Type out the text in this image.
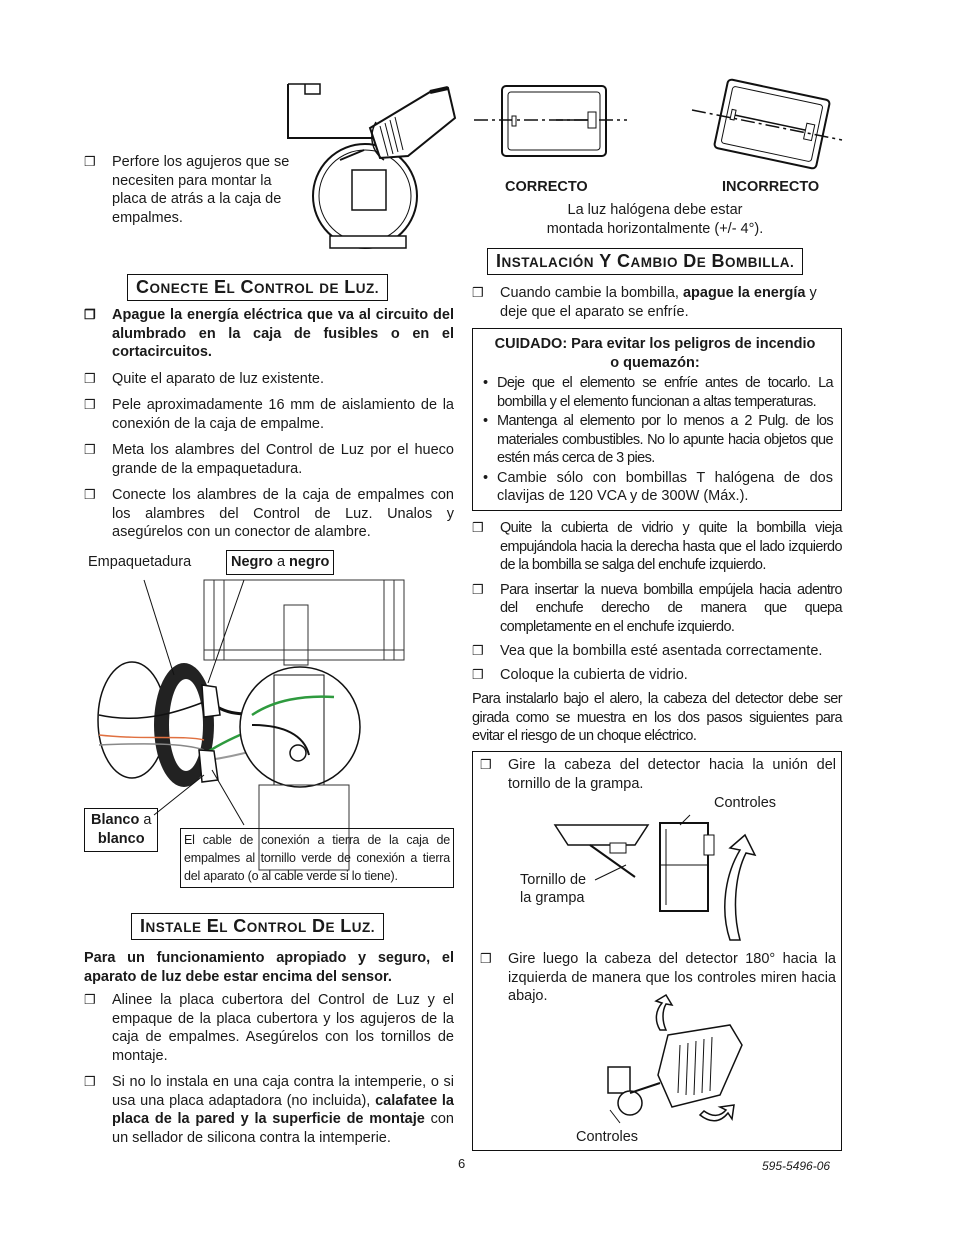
❒	Perfore los agujeros que se necesiten para montar la placa de atrás a la caja de empalmes.
CONECTE EL CONTROL DE LUZ.
❒	Apague la energía eléctrica que va al circuito del alumbrado en la caja de fusibles o en el cortacircuitos.
❒	Quite el aparato de luz existente.
❒	Pele aproximadamente 16 mm de aislamiento de la conexión de la caja de empalme.
❒	Meta los alambres del Control de Luz por el hueco grande de la empaquetadura.
❒	Conecte los alambres de la caja de empalmes con los alambres del Control de Luz. Unalos y asegúrelos con un conector de alambre.
Empaquetadura	Negro a negro
Blanco a
blanco	El cable de conexión a tierra de la caja de empalmes al tornillo verde de conexión a tierra del aparato (o al cable verde si lo tiene).
INSTALE EL CONTROL DE LUZ.
Para un funcionamiento apropiado y seguro, el aparato de luz debe estar encima del sensor.
❒	Alinee la placa cubertora del Control de Luz y el empaque de la placa cubertora y los agujeros de la caja de empalmes. Asegúrelos con los tornillos de montaje.
❒	Si no lo instala en una caja contra la intemperie, o si usa una placa adaptadora (no incluida), calafatee la placa de la pared y la superficie de montaje con un sellador de silicona contra la intemperie.
CORRECTO	INCORRECTO
La luz halógena debe estar
montada horizontalmente (+/- 4°).
INSTALACIÓN Y CAMBIO DE BOMBILLA.
❒	Cuando cambie la bombilla, apague la energía y deje que el aparato se enfríe.
CUIDADO: Para evitar los peligros de incendio
o quemazón:
• Deje que el elemento se enfríe antes de tocarlo. La bombilla y el elemento funcionan a altas temperaturas.
• Mantenga al elemento por lo menos a 2 Pulg. de los materiales combustibles. No lo apunte hacia objetos que estén más cerca de 3 pies.
• Cambie sólo con bombillas T halógena de dos clavijas de 120 VCA y de 300W (Máx.).
❒	Quite la cubierta de vidrio y quite la bombilla vieja empujándola hacia la derecha hasta que el lado izquierdo de la bombilla se salga del enchufe izquierdo.
❒	Para insertar la nueva bombilla empújela hacia adentro del enchufe derecho de manera que quepa completamente en el enchufe izquierdo.
❒	Vea que la bombilla esté asentada correctamente.
❒	Coloque la cubierta de vidrio.
Para instalarlo bajo el alero, la cabeza del detector debe ser girada como se muestra en los dos pasos siguientes para evitar el riesgo de un choque eléctrico.
❒	Gire la cabeza del detector hacia la unión del tornillo de la grampa.
Controles
Tornillo de
la grampa
❒	Gire luego la cabeza del detector 180° hacia la izquierda de manera que los controles miren hacia abajo.
Controles
6	595-5496-06
